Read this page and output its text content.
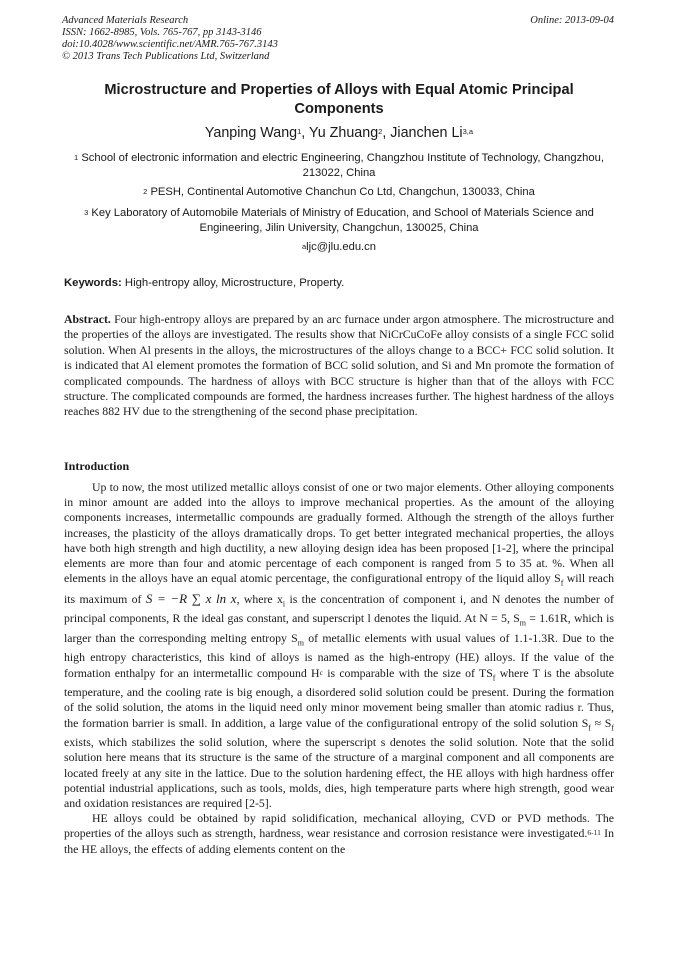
Advanced Materials Research
ISSN: 1662-8985, Vols. 765-767, pp 3143-3146
doi:10.4028/www.scientific.net/AMR.765-767.3143
© 2013 Trans Tech Publications Ltd, Switzerland
Online: 2013-09-04
Microstructure and Properties of Alloys with Equal Atomic Principal Components
Yanping Wang$^1$, Yu Zhuang$^2$, Jianchen Li$^{3,a}$
$^1$ School of electronic information and electric Engineering, Changzhou Institute of Technology, Changzhou, 213022, China
$^2$ PESH, Continental Automotive Chanchun Co Ltd, Changchun, 130033, China
$^3$ Key Laboratory of Automobile Materials of Ministry of Education, and School of Materials Science and Engineering, Jilin University, Changchun, 130025, China
$^a$ljc@jlu.edu.cn
Keywords: High-entropy alloy, Microstructure, Property.
Abstract. Four high-entropy alloys are prepared by an arc furnace under argon atmosphere. The microstructure and the properties of the alloys are investigated. The results show that NiCrCuCoFe alloy consists of a single FCC solid solution. When Al presents in the alloys, the microstructures of the alloys change to a BCC+ FCC solid solution. It is indicated that Al element promotes the formation of BCC solid solution, and Si and Mn promote the formation of complicated compounds. The hardness of alloys with BCC structure is higher than that of the alloys with FCC structure. The complicated compounds are formed, the hardness increases further. The highest hardness of the alloys reaches 882 HV due to the strengthening of the second phase precipitation.
Introduction

Up to now, the most utilized metallic alloys consist of one or two major elements. Other alloying components in minor amount are added into the alloys to improve mechanical properties. As the amount of the alloying components increases, intermetallic compounds are gradually formed. Although the strength of the alloys further increases, the plasticity of the alloys dramatically drops. To get better integrated mechanical properties, the alloys have both high strength and high ductility, a new alloying design idea has been proposed [1-2], where the principal elements are more than four and atomic percentage of each component is ranged from 5 to 35 at. %. When all elements in the alloys have an equal atomic percentage, the configurational entropy of the liquid alloy $S_f$ will reach its maximum of S = −R ∑ x ln x, where $x_i$ is the concentration of component i, and N denotes the number of principal components, R the ideal gas constant, and superscript l denotes the liquid. At N = 5, $S_m = 1.61R$, which is larger than the corresponding melting entropy $S_m$ of metallic elements with usual values of 1.1-1.3R. Due to the high entropy characteristics, this kind of alloys is named as the high-entropy (HE) alloys. If the value of the formation enthalpy for an intermetallic compound $H^c$ is comparable with the size of $TS_f$ where T is the absolute temperature, and the cooling rate is big enough, a disordered solid solution could be present. During the formation of the solid solution, the atoms in the liquid need only minor movement being smaller than atomic radius r. Thus, the formation barrier is small. In addition, a large value of the configurational entropy of the solid solution $S_f \approx S_f$ exists, which stabilizes the solid solution, where the superscript s denotes the solid solution. Note that the solid solution here means that its structure is the same of the structure of a marginal component and all components are located freely at any site in the lattice. Due to the solution hardening effect, the HE alloys with high hardness offer potential industrial applications, such as tools, molds, dies, high temperature parts where high strength, good wear and oxidation resistances are required [2-5].

HE alloys could be obtained by rapid solidification, mechanical alloying, CVD or PVD methods. The properties of the alloys such as strength, hardness, wear resistance and corrosion resistance were investigated.$^{6-11}$ In the HE alloys, the effects of adding elements content on the
